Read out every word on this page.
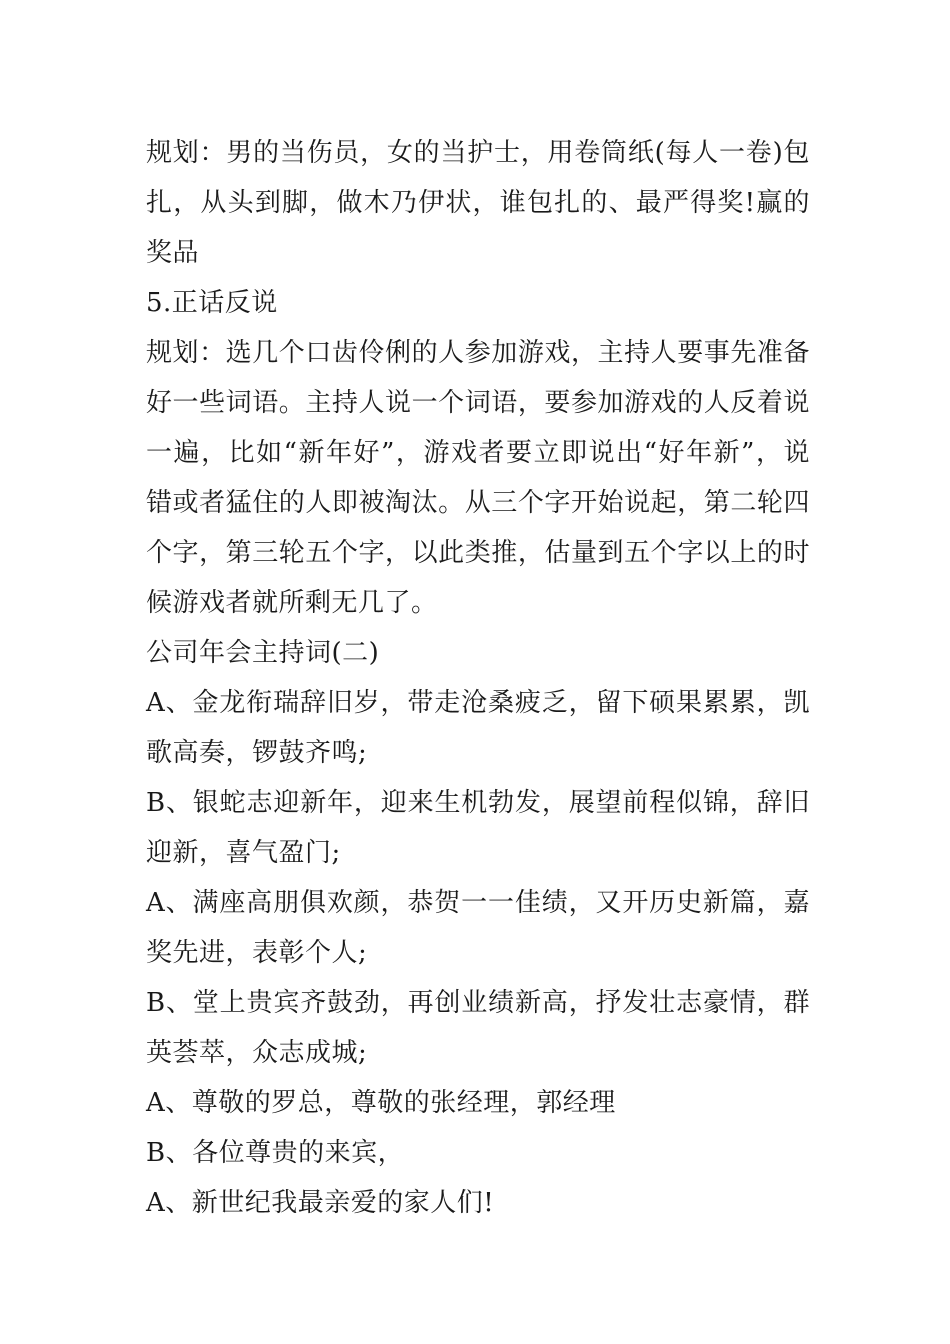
规划：男的当伤员，女的当护士，用卷筒纸(每人一卷)包扎，从头到脚，做木乃伊状，谁包扎的、最严得奖!赢的奖品

5.正话反说

规划：选几个口齿伶俐的人参加游戏，主持人要事先准备好一些词语。主持人说一个词语，要参加游戏的人反着说一遍，比如“新年好”，游戏者要立即说出“好年新”，说错或者猛住的人即被淘汰。从三个字开始说起，第二轮四个字，第三轮五个字，以此类推，估量到五个字以上的时候游戏者就所剩无几了。

公司年会主持词(二)

A、金龙衔瑞辞旧岁，带走沧桑疲乏，留下硕果累累，凯歌高奏，锣鼓齐鸣;

B、银蛇志迎新年，迎来生机勃发，展望前程似锦，辞旧迎新，喜气盈门;

A、满座高朋俱欢颜，恭贺一一佳绩，又开历史新篇，嘉奖先进，表彰个人;

B、堂上贵宾齐鼓劲，再创业绩新高，抒发壮志豪情，群英荟萃，众志成城;

A、尊敬的罗总，尊敬的张经理，郭经理

B、各位尊贵的来宾，

A、新世纪我最亲爱的家人们!
